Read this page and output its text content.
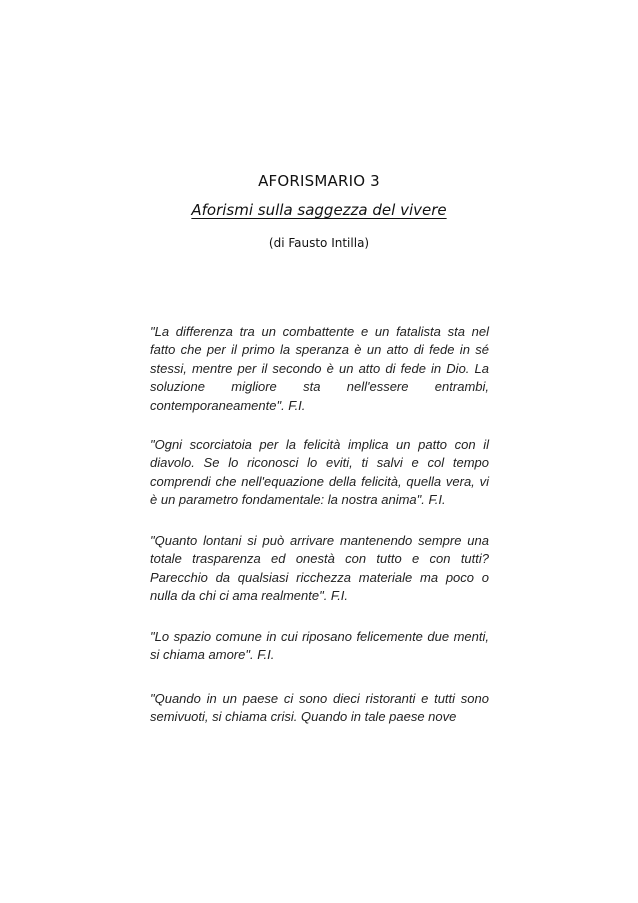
AFORISMARIO 3
Aforismi sulla saggezza del vivere
(di Fausto Intilla)

"La differenza tra un combattente e un fatalista sta nel fatto che per il primo la speranza è un atto di fede in sé stessi, mentre per il secondo è un atto di fede in Dio. La soluzione migliore sta nell'essere entrambi, contemporaneamente". F.I.

"Ogni scorciatoia per la felicità implica un patto con il diavolo. Se lo riconosci lo eviti, ti salvi e col tempo comprendi che nell'equazione della felicità, quella vera, vi è un parametro fondamentale: la nostra anima". F.I.

"Quanto lontani si può arrivare mantenendo sempre una totale trasparenza ed onestà con tutto e con tutti? Parecchio da qualsiasi ricchezza materiale ma poco o nulla da chi ci ama realmente". F.I.

"Lo spazio comune in cui riposano felicemente due menti, si chiama amore". F.I.

"Quando in un paese ci sono dieci ristoranti e tutti sono semivuoti, si chiama crisi. Quando in tale paese nove
